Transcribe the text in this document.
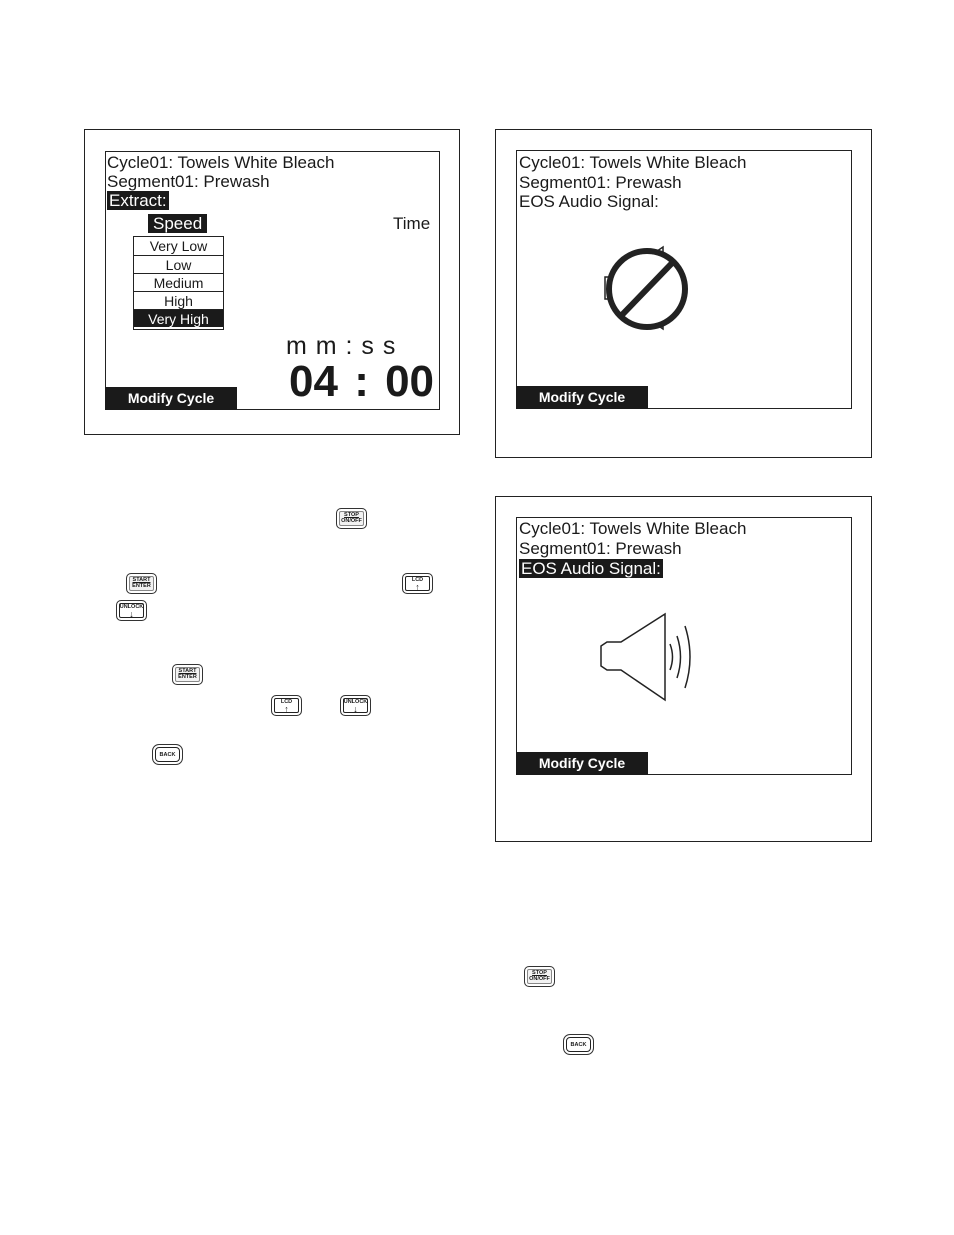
Cycle01: Towels White Bleach
Segment01: Prewash
Extract:
Speed	Time
Very Low
Low
Medium
High
Very High
m m : s s
04 : 00
Modify Cycle
Cycle01: Towels White Bleach
Segment01: Prewash
EOS Audio Signal:
Modify Cycle
Cycle01: Towels White Bleach
Segment01: Prewash
EOS Audio Signal:
Modify Cycle
STOP
ON/OFF
START
ENTER
LCD
↑
UNLOCK
↓
START
ENTER
LCD
↑
UNLOCK
↓
BACK
STOP
ON/OFF
BACK
